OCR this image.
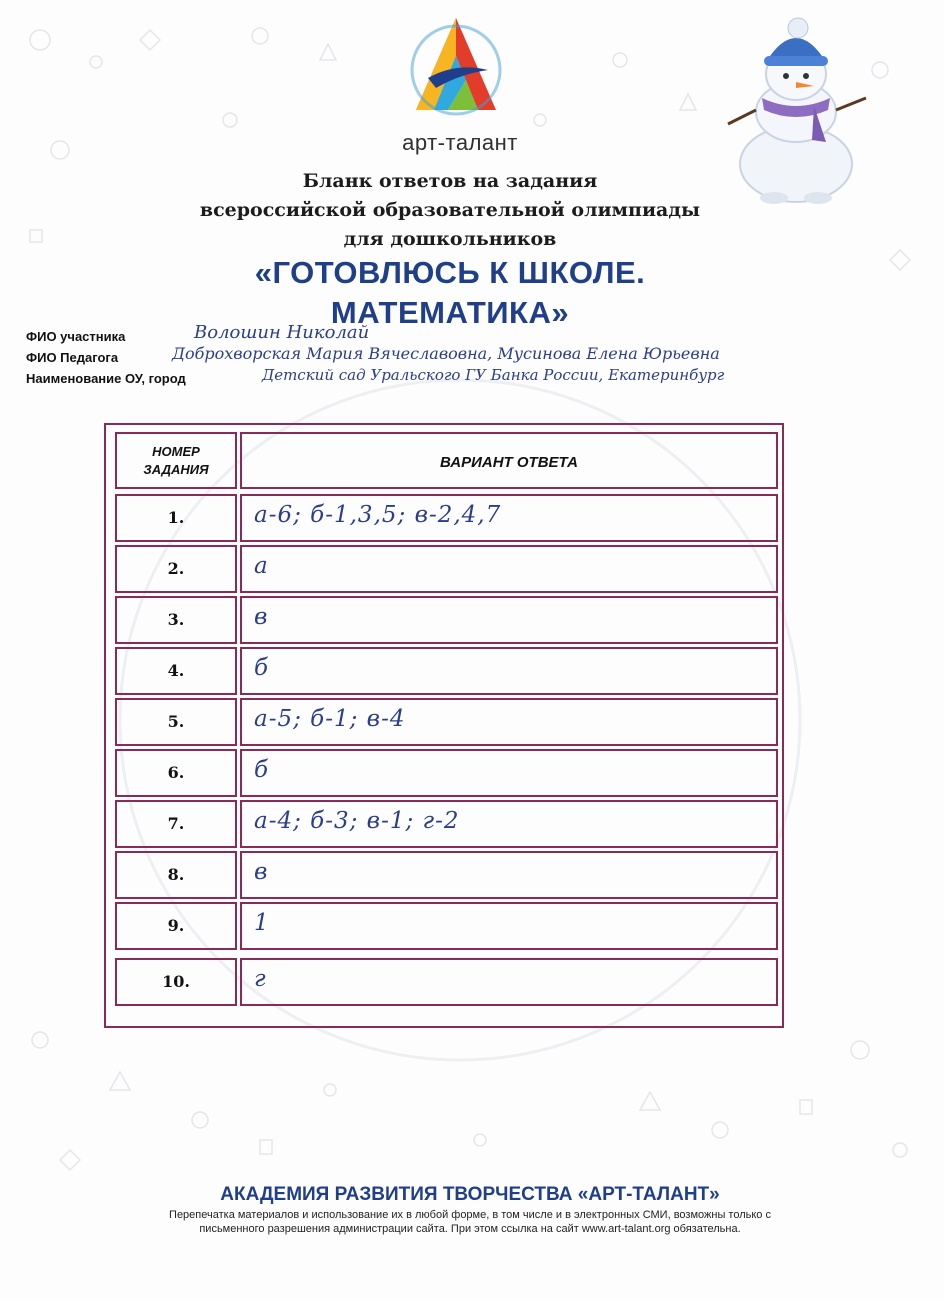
арт-талант
Бланк ответов на задания
всероссийской образовательной олимпиады
для дошкольников
«ГОТОВЛЮСЬ К ШКОЛЕ.
МАТЕМАТИКА»
ФИО участника	Волошин Николай
ФИО Педагога	Доброхворская Мария Вячеславовна, Мусинова Елена Юрьевна
Наименование ОУ, город	Детский сад Уральского ГУ Банка России, Екатеринбург
НОМЕР
ЗАДАНИЯ	ВАРИАНТ ОТВЕТА
1.	а-6; б-1,3,5; в-2,4,7
2.	а
3.	в
4.	б
5.	а-5; б-1; в-4
6.	б
7.	а-4; б-3; в-1; г-2
8.	в
9.	1
10.	г
АКАДЕМИЯ РАЗВИТИЯ ТВОРЧЕСТВА «АРТ-ТАЛАНТ»
Перепечатка материалов и использование их в любой форме, в том числе и в электронных СМИ, возможны только с
письменного разрешения администрации сайта. При этом ссылка на сайт www.art-talant.org обязательна.
